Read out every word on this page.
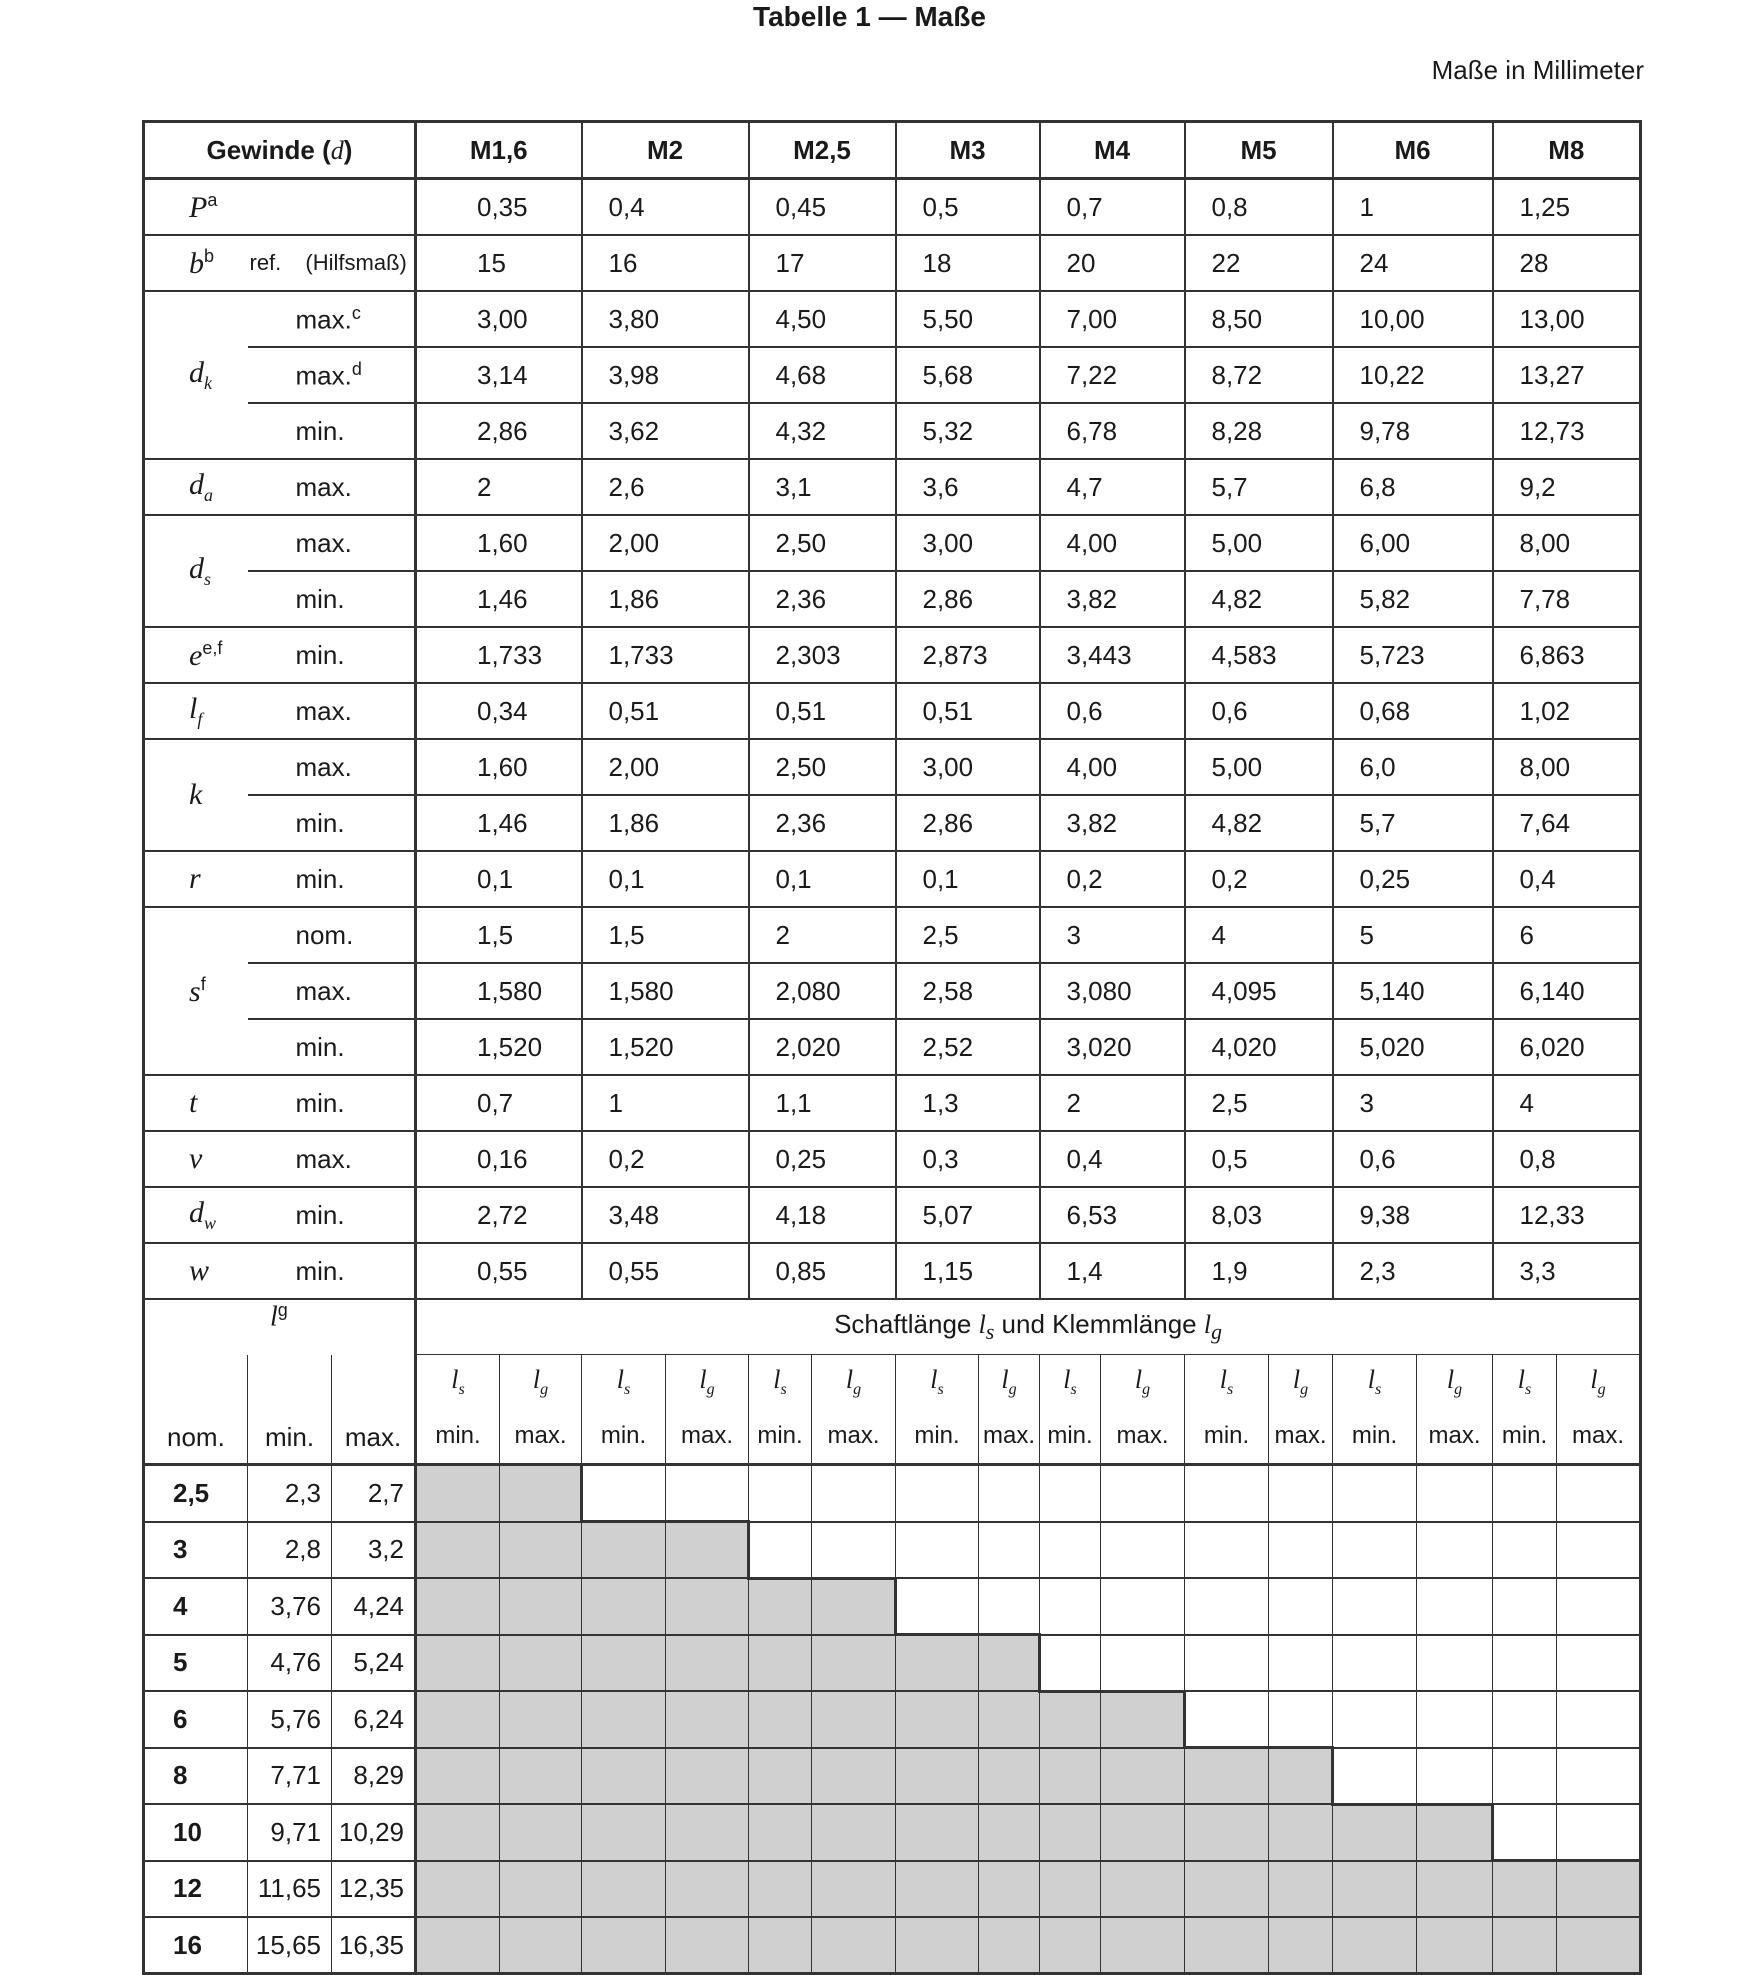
Tabelle 1 — Maße
Maße in Millimeter
Gewinde (d)			M1,6		M2		M2,5		M3		M4		M5		M6		M8	
$P^a$			0,35		0,4		0,45		0,5		0,7		0,8		1		1,25	
$b^b$	ref. (Hilfsmaß)		15		16		17		18		20		22		24		28	
$d_k$	max.$^c$		3,00		3,80		4,50		5,50		7,00		8,50		10,00		13,00	
	max.$^d$		3,14		3,98		4,68		5,68		7,22		8,72		10,22		13,27	
	min.		2,86		3,62		4,32		5,32		6,78		8,28		9,78		12,73	
$d_a$	max.		2		2,6		3,1		3,6		4,7		5,7		6,8		9,2	
$d_s$	max.		1,60		2,00		2,50		3,00		4,00		5,00		6,00		8,00	
	min.		1,46		1,86		2,36		2,86		3,82		4,82		5,82		7,78	
$e^{e,f}$	min.		1,733		1,733		2,303		2,873		3,443		4,583		5,723		6,863	
$l_f$	max.		0,34		0,51		0,51		0,51		0,6		0,6		0,68		1,02	
k	max.		1,60		2,00		2,50		3,00		4,00		5,00		6,0		8,00	
	min.		1,46		1,86		2,36		2,86		3,82		4,82		5,7		7,64	
r	min.		0,1		0,1		0,1		0,1		0,2		0,2		0,25		0,4	
$s^f$	nom.		1,5		1,5		2		2,5		3		4		5		6	
	max.		1,580		1,580		2,080		2,58		3,080		4,095		5,140		6,140	
	min.		1,520		1,520		2,020		2,52		3,020		4,020		5,020		6,020	
t	min.		0,7		1		1,1		1,3		2		2,5		3		4	
v	max.		0,16		0,2		0,25		0,3		0,4		0,5		0,6		0,8	
$d_w$	min.		2,72		3,48		4,18		5,07		6,53		8,03		9,38		12,33	
w	min.		0,55		0,55		0,85		1,15		1,4		1,9		2,3		3,3	
$l^g$			Schaftlänge $l_s$ und Klemmlänge $l_g$
nom.	min.	max.	$l_s$	$l_g$	$l_s$	$l_g$	$l_s$	$l_g$	$l_s$	$l_g$	$l_s$	$l_g$	$l_s$	$l_g$	$l_s$	$l_g$	$l_s$	$l_g$
			min.	max.	min.	max.	min.	max.	min.	max.	min.	max.	min.	max.	min.	max.	min.	max.
2,5	2,3	2,7																
3	2,8	3,2																
4	3,76	4,24																
5	4,76	5,24																
6	5,76	6,24																
8	7,71	8,29																
10	9,71	10,29																
12	11,65	12,35																
16	15,65	16,35																
